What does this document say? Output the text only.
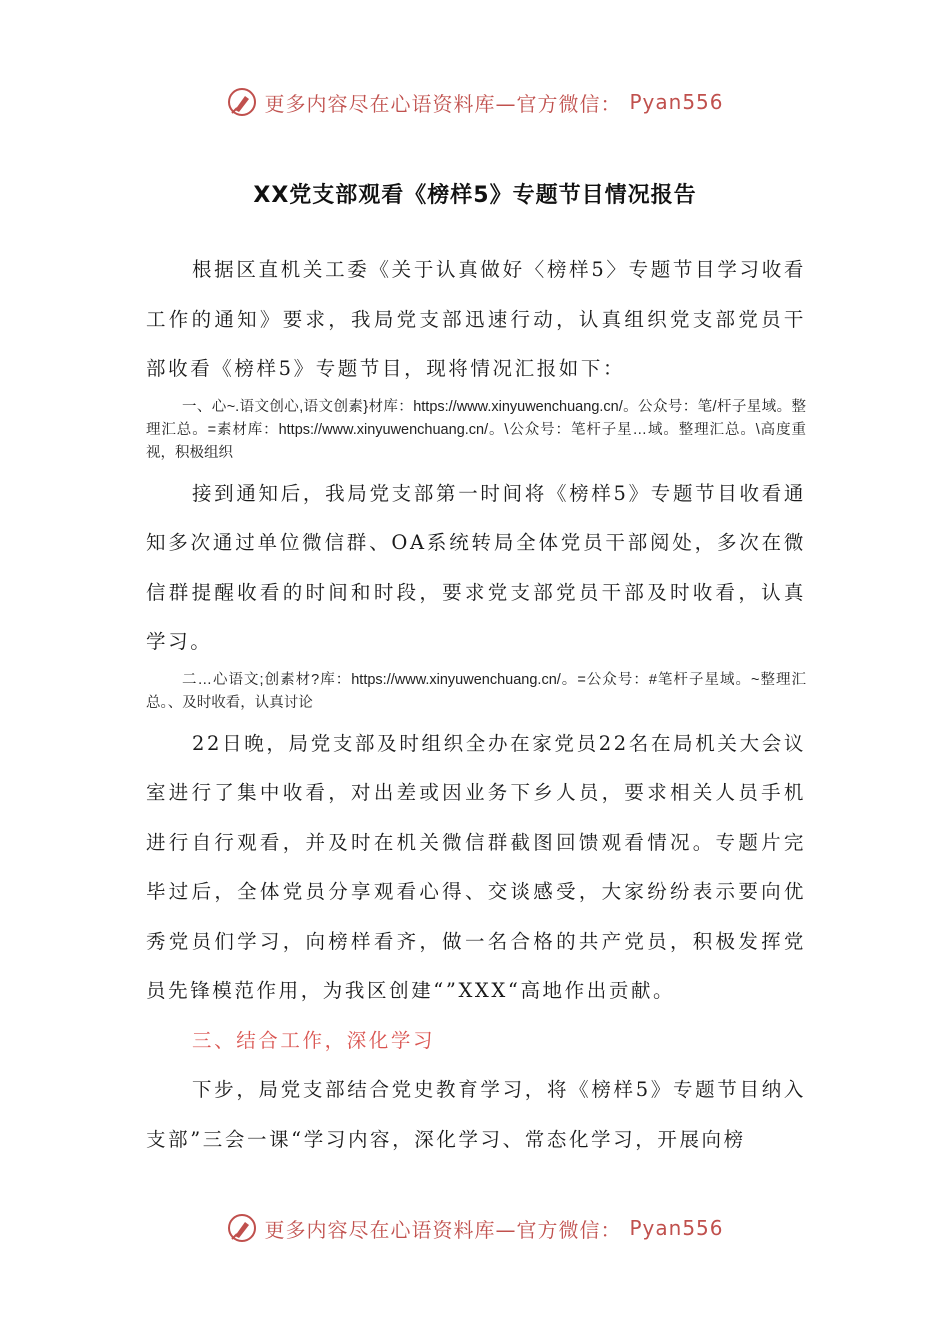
更多内容尽在心语资料库—官方微信： Pyan556
XX党支部观看《榜样5》专题节目情况报告

根据区直机关工委《关于认真做好〈榜样5〉专题节目学习收看工作的通知》要求，我局党支部迅速行动，认真组织党支部党员干部收看《榜样5》专题节目，现将情况汇报如下：

一、心~.语文创心,语文创素}材库：https://www.xinyuwenchuang.cn/。公众号：笔/杆子星域。整理汇总。=素材库：https://www.xinyuwenchuang.cn/。\公众号：笔杆子星…域。整理汇总。\高度重视，积极组织

接到通知后，我局党支部第一时间将《榜样5》专题节目收看通知多次通过单位微信群、OA系统转局全体党员干部阅处，多次在微信群提醒收看的时间和时段，要求党支部党员干部及时收看，认真学习。

二…心语文;创素材?库：https://www.xinyuwenchuang.cn/。=公众号：#笔杆子星域。~整理汇总。、及时收看，认真讨论

22日晚，局党支部及时组织全办在家党员22名在局机关大会议室进行了集中收看，对出差或因业务下乡人员，要求相关人员手机进行自行观看，并及时在机关微信群截图回馈观看情况。专题片完毕过后，全体党员分享观看心得、交谈感受，大家纷纷表示要向优秀党员们学习，向榜样看齐，做一名合格的共产党员，积极发挥党员先锋模范作用，为我区创建“”XXX“高地作出贡献。

三、结合工作，深化学习

下步，局党支部结合党史教育学习，将《榜样5》专题节目纳入支部”三会一课“学习内容，深化学习、常态化学习，开展向榜

更多内容尽在心语资料库—官方微信： Pyan556
